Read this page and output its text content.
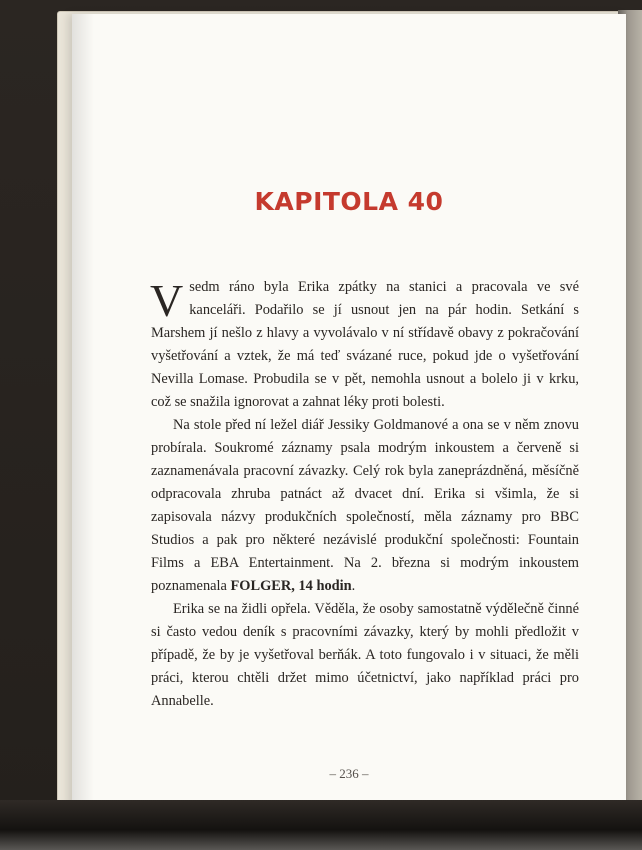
KAPITOLA 40

Vsedm ráno byla Erika zpátky na stanici a pracovala ve své kanceláři. Podařilo se jí usnout jen na pár hodin. Setkání s Marshem jí nešlo z hlavy a vyvolávalo v ní střídavě obavy z pokračování vyšetřování a vztek, že má teď svázané ruce, pokud jde o vyšetřování Nevilla Lomase. Probudila se v pět, nemohla usnout a bolelo ji v krku, což se snažila ignorovat a zahnat léky proti bolesti.

Na stole před ní ležel diář Jessiky Goldmanové a ona se v něm znovu probírala. Soukromé záznamy psala modrým inkoustem a červeně si zaznamenávala pracovní závazky. Celý rok byla zaneprázdněná, měsíčně odpracovala zhruba patnáct až dvacet dní. Erika si všimla, že si zapisovala názvy produkčních společností, měla záznamy pro BBC Studios a pak pro některé nezávislé produkční společnosti: Fountain Films a EBA Entertainment. Na 2. března si modrým inkoustem poznamenala FOLGER, 14 hodin.

Erika se na židli opřela. Věděla, že osoby samostatně výdělečně činné si často vedou deník s pracovními závazky, který by mohli předložit v případě, že by je vyšetřoval berňák. A toto fungovalo i v situaci, že měli práci, kterou chtěli držet mimo účetnictví, jako například práci pro Annabelle.

– 236 –
